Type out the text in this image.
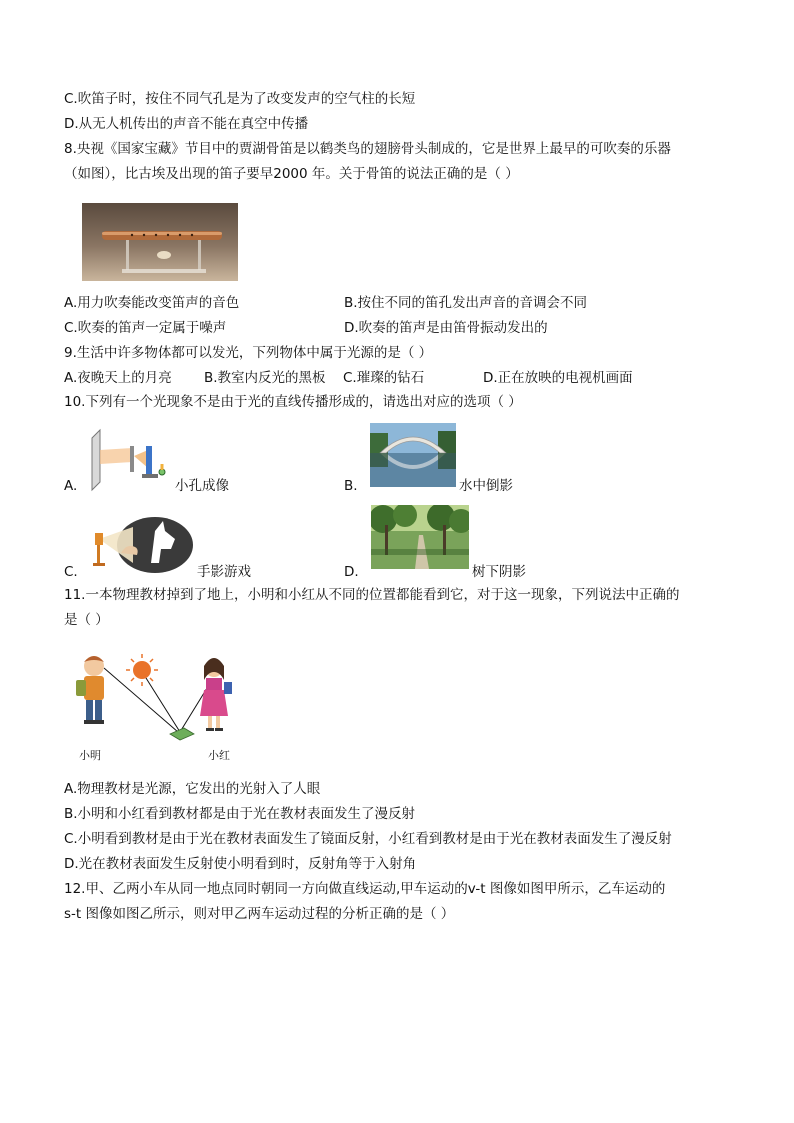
C.吹笛子时，按住不同气孔是为了改变发声的空气柱的长短
D.从无人机传出的声音不能在真空中传播
8.央视《国家宝藏》节目中的贾湖骨笛是以鹤类鸟的翅膀骨头制成的，它是世界上最早的可吹奏的乐器
（如图），比古埃及出现的笛子要早2000 年。关于骨笛的说法正确的是（ ）
A.用力吹奏能改变笛声的音色	B.按住不同的笛孔发出声音的音调会不同
C.吹奏的笛声一定属于噪声	D.吹奏的笛声是由笛骨振动发出的
9.生活中许多物体都可以发光，下列物体中属于光源的是（ ）
A.夜晚天上的月亮 B.教室内反光的黑板 C.璀璨的钻石	D.正在放映的电视机画面
10.下列有一个光现象不是由于光的直线传播形成的，请选出对应的选项（ ）
A.	小孔成像	B.	水中倒影
C.	手影游戏	D.	树下阴影
11.一本物理教材掉到了地上，小明和小红从不同的位置都能看到它，对于这一现象，下列说法中正确的
是（ ）
小明	小红
A.物理教材是光源，它发出的光射入了人眼
B.小明和小红看到教材都是由于光在教材表面发生了漫反射
C.小明看到教材是由于光在教材表面发生了镜面反射，小红看到教材是由于光在教材表面发生了漫反射
D.光在教材表面发生反射使小明看到时，反射角等于入射角
12.甲、乙两小车从同一地点同时朝同一方向做直线运动,甲车运动的v-t 图像如图甲所示，乙车运动的
s-t 图像如图乙所示，则对甲乙两车运动过程的分析正确的是（ ）
